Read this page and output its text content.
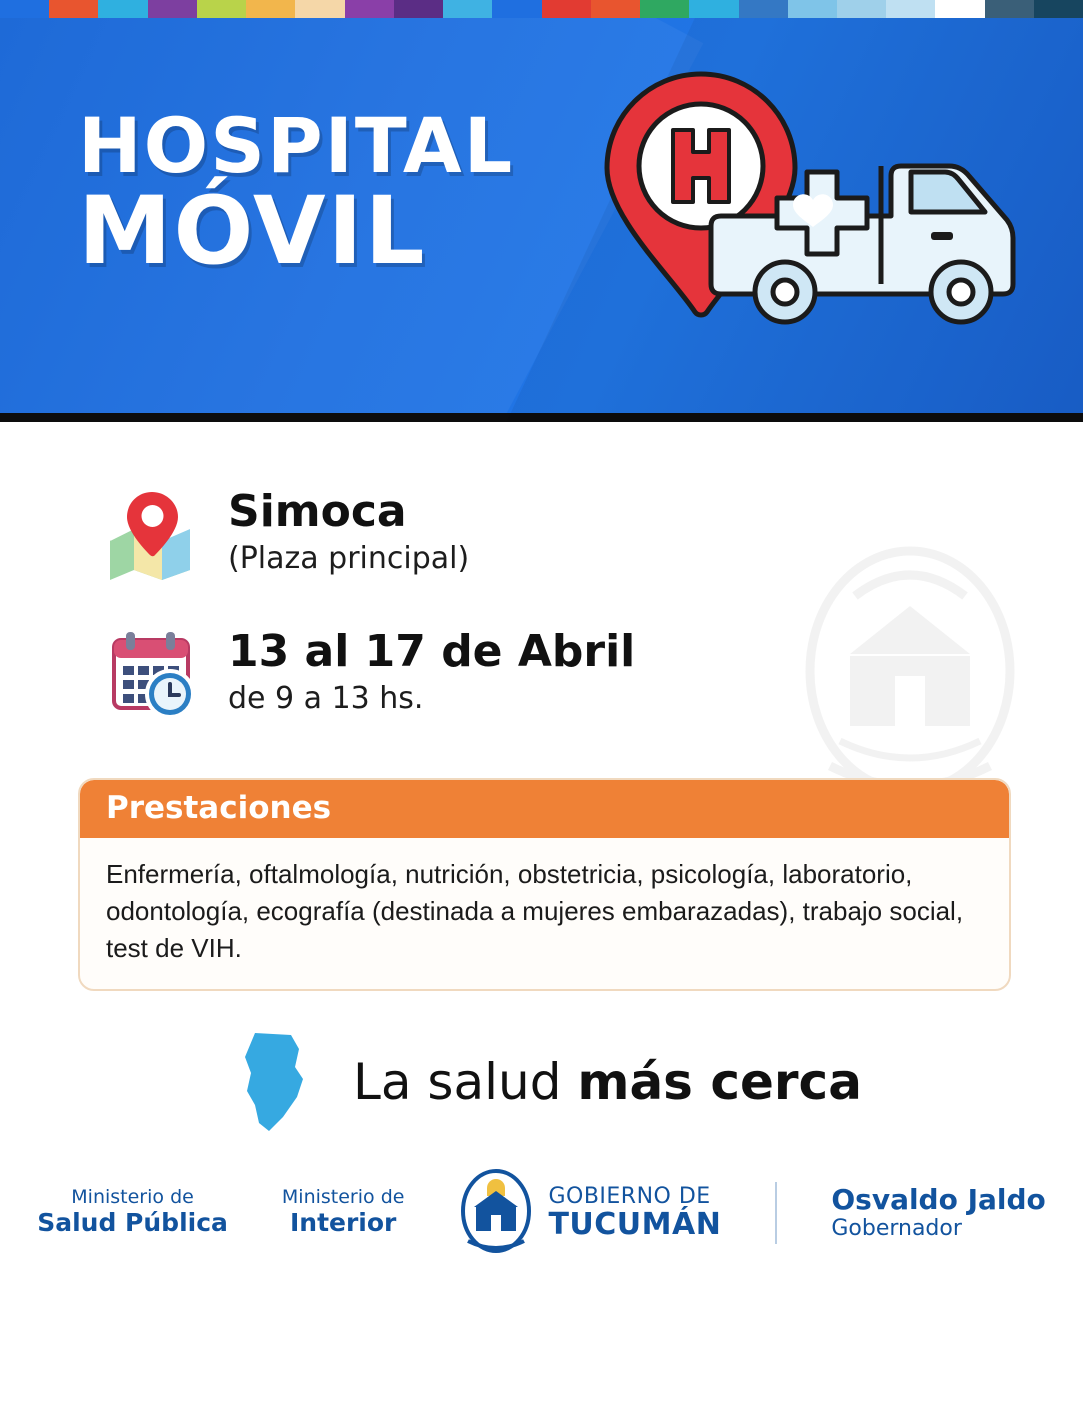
HOSPITAL
MÓVIL
Simoca
(Plaza principal)
13 al 17 de Abril
de 9 a 13 hs.
Prestaciones
Enfermería, oftalmología, nutrición, obstetricia, psicología, laboratorio, odontología, ecografía (destinada a mujeres embarazadas), trabajo social, test de VIH.
La salud más cerca
Ministerio de
Salud Pública
Ministerio de
Interior
GOBIERNO DE
TUCUMÁN
Osvaldo Jaldo
Gobernador
